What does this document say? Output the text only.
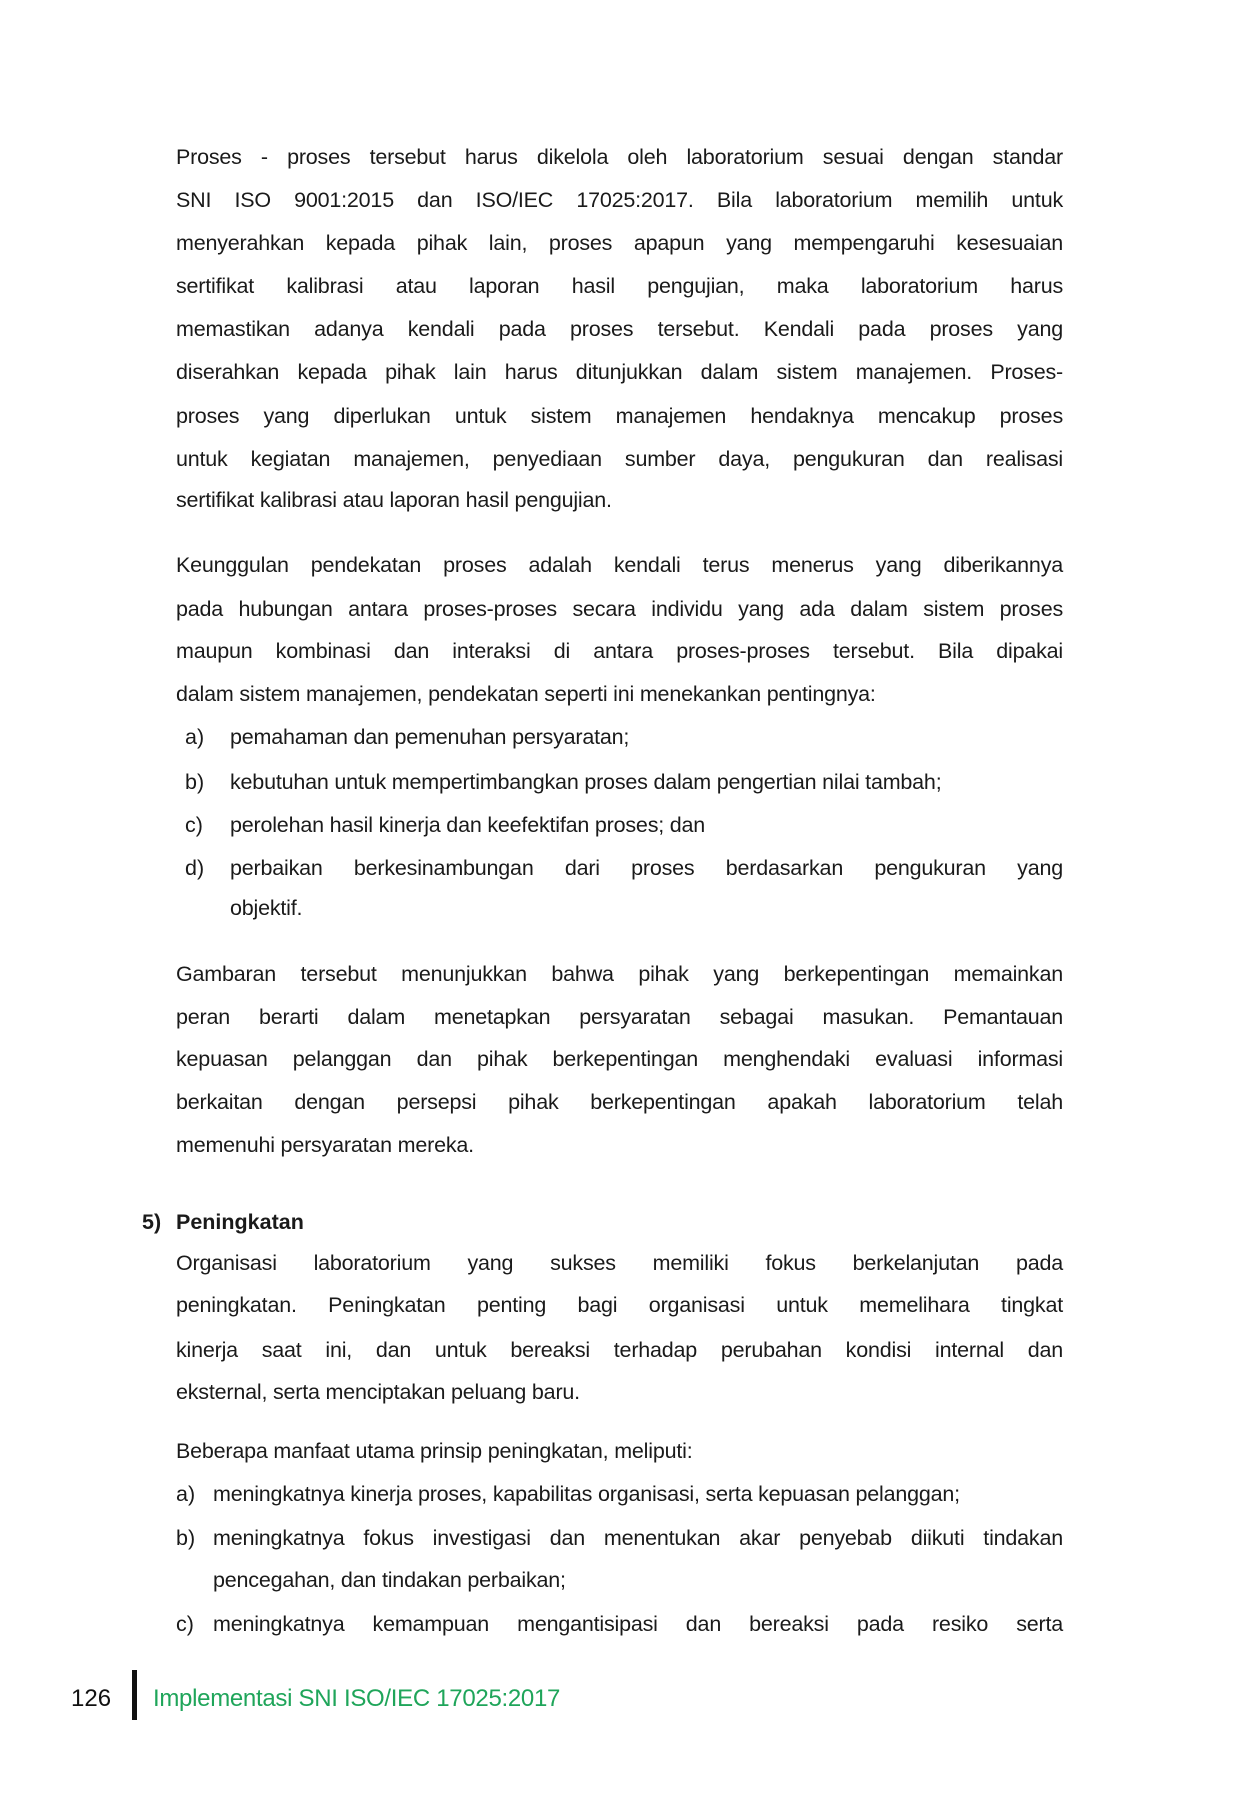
Proses - proses tersebut harus dikelola oleh laboratorium sesuai dengan standar
SNI ISO 9001:2015 dan ISO/IEC 17025:2017. Bila laboratorium memilih untuk
menyerahkan kepada pihak lain, proses apapun yang mempengaruhi kesesuaian
sertifikat kalibrasi atau laporan hasil pengujian, maka laboratorium harus
memastikan adanya kendali pada proses tersebut. Kendali pada proses yang
diserahkan kepada pihak lain harus ditunjukkan dalam sistem manajemen. Proses-
proses yang diperlukan untuk sistem manajemen hendaknya mencakup proses
untuk kegiatan manajemen, penyediaan sumber daya, pengukuran dan realisasi
sertifikat kalibrasi atau laporan hasil pengujian.
Keunggulan pendekatan proses adalah kendali terus menerus yang diberikannya
pada hubungan antara proses-proses secara individu yang ada dalam sistem proses
maupun kombinasi dan interaksi di antara proses-proses tersebut. Bila dipakai
dalam sistem manajemen, pendekatan seperti ini menekankan pentingnya:
a) pemahaman dan pemenuhan persyaratan;
b) kebutuhan untuk mempertimbangkan proses dalam pengertian nilai tambah;
c) perolehan hasil kinerja dan keefektifan proses; dan
d) perbaikan berkesinambungan dari proses berdasarkan pengukuran yang
objektif.
Gambaran tersebut menunjukkan bahwa pihak yang berkepentingan memainkan
peran berarti dalam menetapkan persyaratan sebagai masukan. Pemantauan
kepuasan pelanggan dan pihak berkepentingan menghendaki evaluasi informasi
berkaitan dengan persepsi pihak berkepentingan apakah laboratorium telah
memenuhi persyaratan mereka.
5) Peningkatan
Organisasi laboratorium yang sukses memiliki fokus berkelanjutan pada
peningkatan. Peningkatan penting bagi organisasi untuk memelihara tingkat
kinerja saat ini, dan untuk bereaksi terhadap perubahan kondisi internal dan
eksternal, serta menciptakan peluang baru.
Beberapa manfaat utama prinsip peningkatan, meliputi:
a) meningkatnya kinerja proses, kapabilitas organisasi, serta kepuasan pelanggan;
b) meningkatnya fokus investigasi dan menentukan akar penyebab diikuti tindakan
pencegahan, dan tindakan perbaikan;
c) meningkatnya kemampuan mengantisipasi dan bereaksi pada resiko serta
126 Implementasi SNI ISO/IEC 17025:2017
